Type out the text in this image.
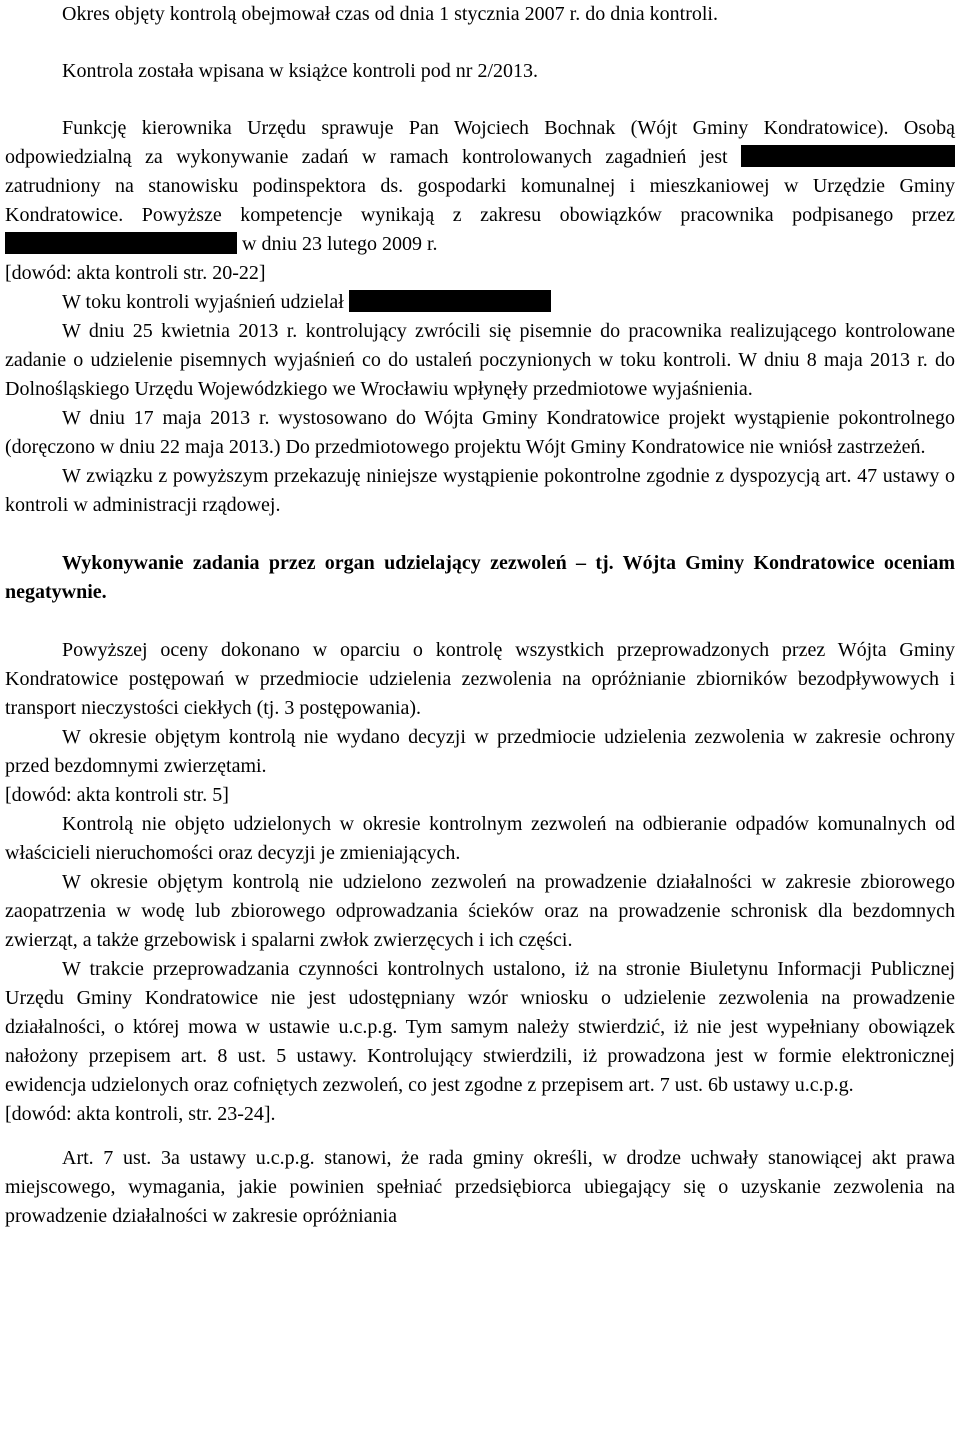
Okres objęty kontrolą obejmował czas od dnia 1 stycznia 2007 r. do dnia kontroli.

Kontrola została wpisana w książce kontroli pod nr 2/2013.

Funkcję kierownika Urzędu sprawuje Pan Wojciech Bochnak (Wójt Gminy Kondratowice). Osobą odpowiedzialną za wykonywanie zadań w ramach kontrolowanych zagadnień jest  zatrudniony na stanowisku podinspektora ds. gospodarki komunalnej i mieszkaniowej w Urzędzie Gminy Kondratowice. Powyższe kompetencje wynikają z zakresu obowiązków pracownika podpisanego przez  w dniu 23 lutego 2009 r.

[dowód: akta kontroli str. 20-22]

W toku kontroli wyjaśnień udzielał

W dniu 25 kwietnia 2013 r. kontrolujący zwrócili się pisemnie do pracownika realizującego kontrolowane zadanie o udzielenie pisemnych wyjaśnień co do ustaleń poczynionych w toku kontroli. W dniu 8 maja 2013 r. do Dolnośląskiego Urzędu Wojewódzkiego we Wrocławiu wpłynęły przedmiotowe wyjaśnienia.

W dniu 17 maja 2013 r. wystosowano do Wójta Gminy Kondratowice projekt wystąpienie pokontrolnego (doręczono w dniu 22 maja 2013.) Do przedmiotowego projektu Wójt Gminy Kondratowice nie wniósł zastrzeżeń.

W związku z powyższym przekazuję niniejsze wystąpienie pokontrolne zgodnie z dyspozycją art. 47 ustawy o kontroli w administracji rządowej.

Wykonywanie zadania przez organ udzielający zezwoleń – tj. Wójta Gminy Kondratowice oceniam negatywnie.

Powyższej oceny dokonano w oparciu o kontrolę wszystkich przeprowadzonych przez Wójta Gminy Kondratowice postępowań w przedmiocie udzielenia zezwolenia na opróżnianie zbiorników bezodpływowych i transport nieczystości ciekłych (tj. 3 postępowania).

W okresie objętym kontrolą nie wydano decyzji w przedmiocie udzielenia zezwolenia w zakresie ochrony przed bezdomnymi zwierzętami.

[dowód: akta kontroli str. 5]

Kontrolą nie objęto udzielonych w okresie kontrolnym zezwoleń na odbieranie odpadów komunalnych od właścicieli nieruchomości oraz decyzji je zmieniających.

W okresie objętym kontrolą nie udzielono zezwoleń na prowadzenie działalności w zakresie zbiorowego zaopatrzenia w wodę lub zbiorowego odprowadzania ścieków oraz na prowadzenie schronisk dla bezdomnych zwierząt, a także grzebowisk i spalarni zwłok zwierzęcych i ich części.

W trakcie przeprowadzania czynności kontrolnych ustalono, iż na stronie Biuletynu Informacji Publicznej Urzędu Gminy Kondratowice nie jest udostępniany wzór wniosku o udzielenie zezwolenia na prowadzenie działalności, o której mowa w ustawie u.c.p.g. Tym samym należy stwierdzić, iż nie jest wypełniany obowiązek nałożony przepisem art. 8 ust. 5 ustawy. Kontrolujący stwierdzili, iż prowadzona jest w formie elektronicznej ewidencja udzielonych oraz cofniętych zezwoleń, co jest zgodne z przepisem art. 7 ust. 6b ustawy u.c.p.g.

[dowód: akta kontroli, str. 23-24].

Art. 7 ust. 3a ustawy u.c.p.g. stanowi, że rada gminy określi, w drodze uchwały stanowiącej akt prawa miejscowego, wymagania, jakie powinien spełniać przedsiębiorca ubiegający się o uzyskanie zezwolenia na prowadzenie działalności w zakresie opróżniania
